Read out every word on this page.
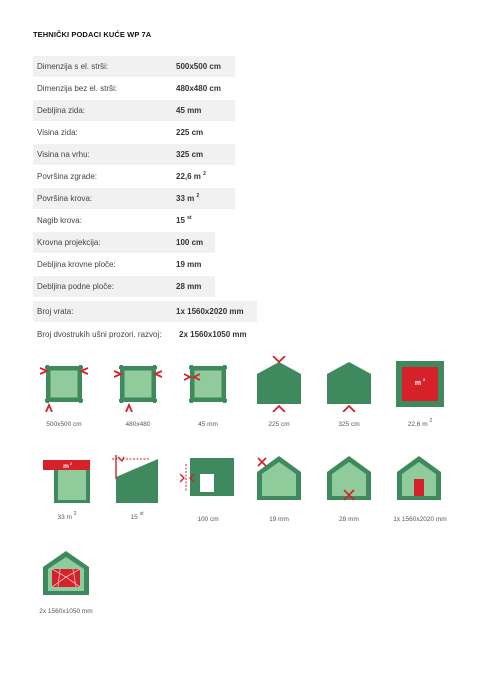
TEHNIČKI PODACI KUĆE WP 7A
Dimenzija s el. strši:	500x500 cm
Dimenzija bez el. strši:	480x480 cm
Debljina zida:	45 mm
Visina zida:	225 cm
Visina na vrhu:	325 cm
Površina zgrade:	22,6 m $^2$
Površina krova:	33 m $^2$
Nagib krova:	15 $^{st}$
Krovna projekcija:	100 cm
Debljina krovne ploče:	19 mm
Debljina podne ploče:	28 mm
Broj vrata:	1x 1560x2020 mm
Broj dvostrukih ušni prozori. razvoj: 2x 1560x1050 mm
m
2
500x500 cm	480x480	45 mm	225 cm	325 cm	22,6 m $^2$
m 2
33 m $^2$	15 $^{st}$
100 cm	19 mm	28 mm	1x 1560x2020 mm
2x 1560x1050 mm
